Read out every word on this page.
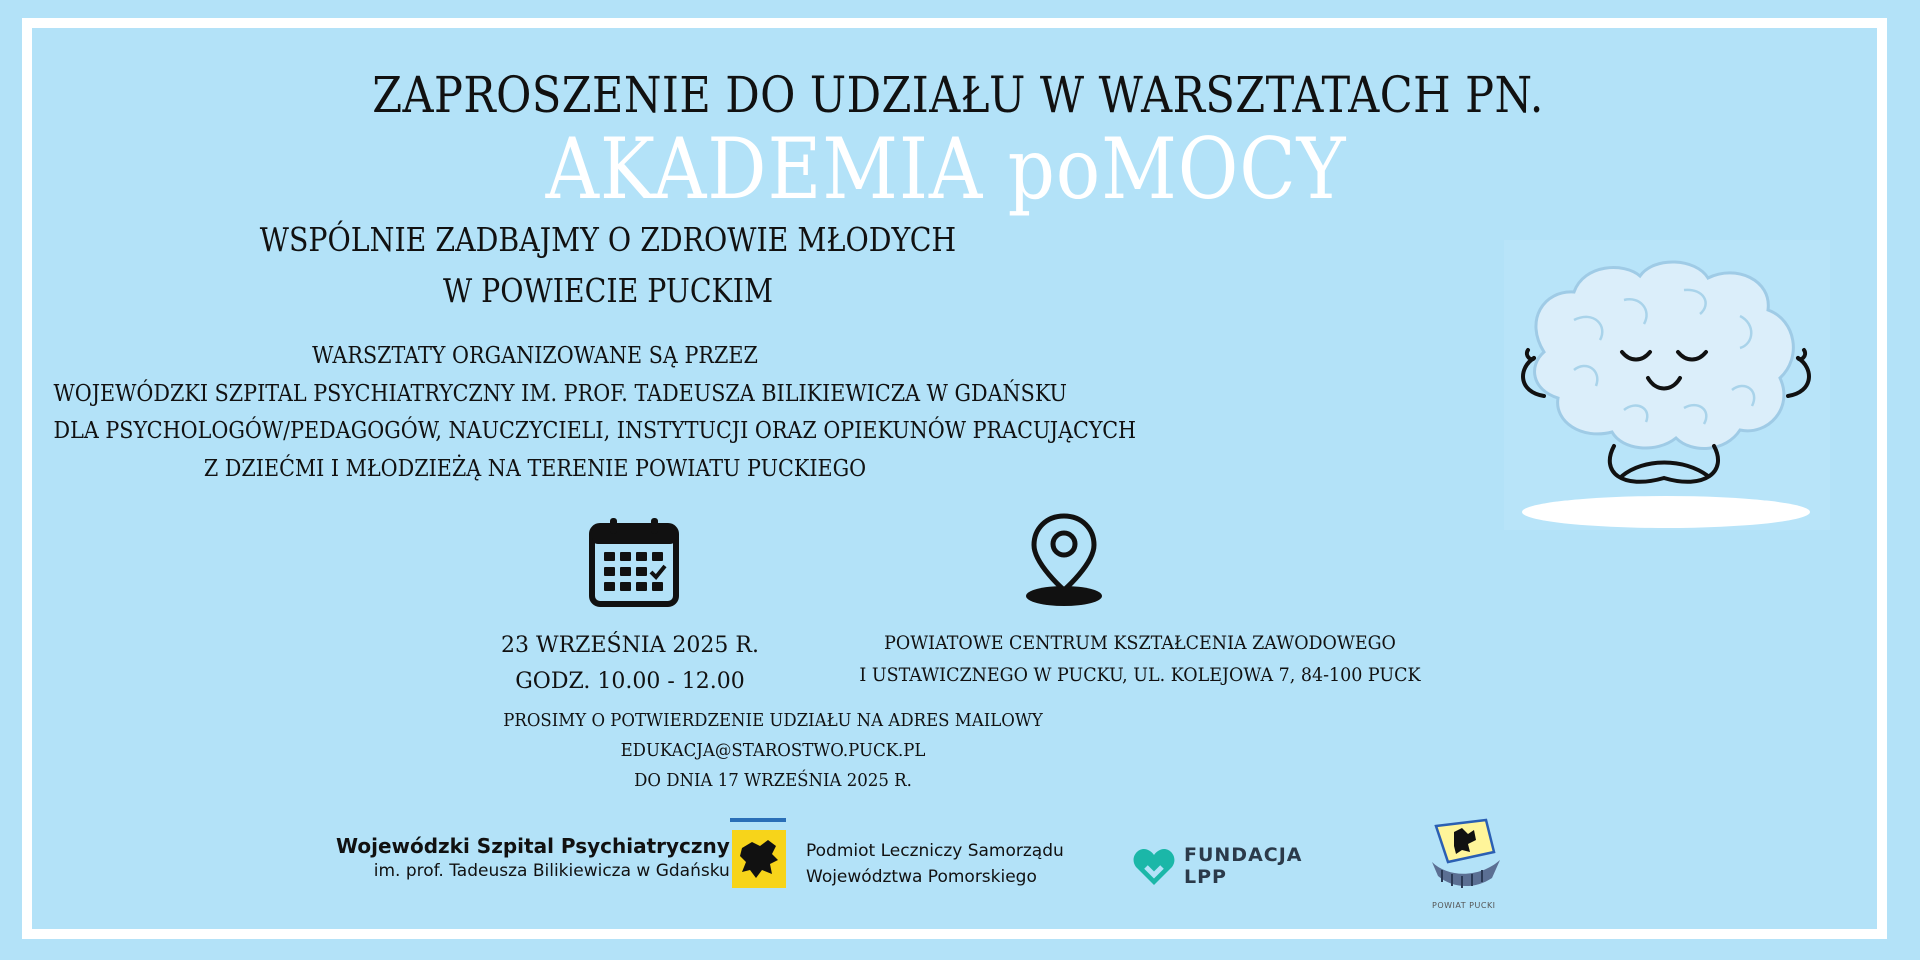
ZAPROSZENIE DO UDZIAŁU W WARSZTATACH PN.
AKADEMIA poMOCY
WSPÓLNIE ZADBAJMY O ZDROWIE MŁODYCH
W POWIECIE PUCKIM
WARSZTATY ORGANIZOWANE SĄ PRZEZ
WOJEWÓDZKI SZPITAL PSYCHIATRYCZNY IM. PROF. TADEUSZA BILIKIEWICZA W GDAŃSKU
DLA PSYCHOLOGÓW/PEDAGOGÓW, NAUCZYCIELI, INSTYTUCJI ORAZ OPIEKUNÓW PRACUJĄCYCH
Z DZIEĆMI I MŁODZIEŻĄ NA TERENIE POWIATU PUCKIEGO
23 WRZEŚNIA 2025 R.
GODZ. 10.00 - 12.00
POWIATOWE CENTRUM KSZTAŁCENIA ZAWODOWEGO
I USTAWICZNEGO W PUCKU, UL. KOLEJOWA 7, 84-100 PUCK
PROSIMY O POTWIERDZENIE UDZIAŁU NA ADRES MAILOWY
EDUKACJA@STAROSTWO.PUCK.PL
DO DNIA 17 WRZEŚNIA 2025 R.
Wojewódzki Szpital Psychiatryczny
im. prof. Tadeusza Bilikiewicza w Gdańsku
Podmiot Leczniczy Samorządu
Województwa Pomorskiego
FUNDACJA
LPP
POWIAT PUCKI
